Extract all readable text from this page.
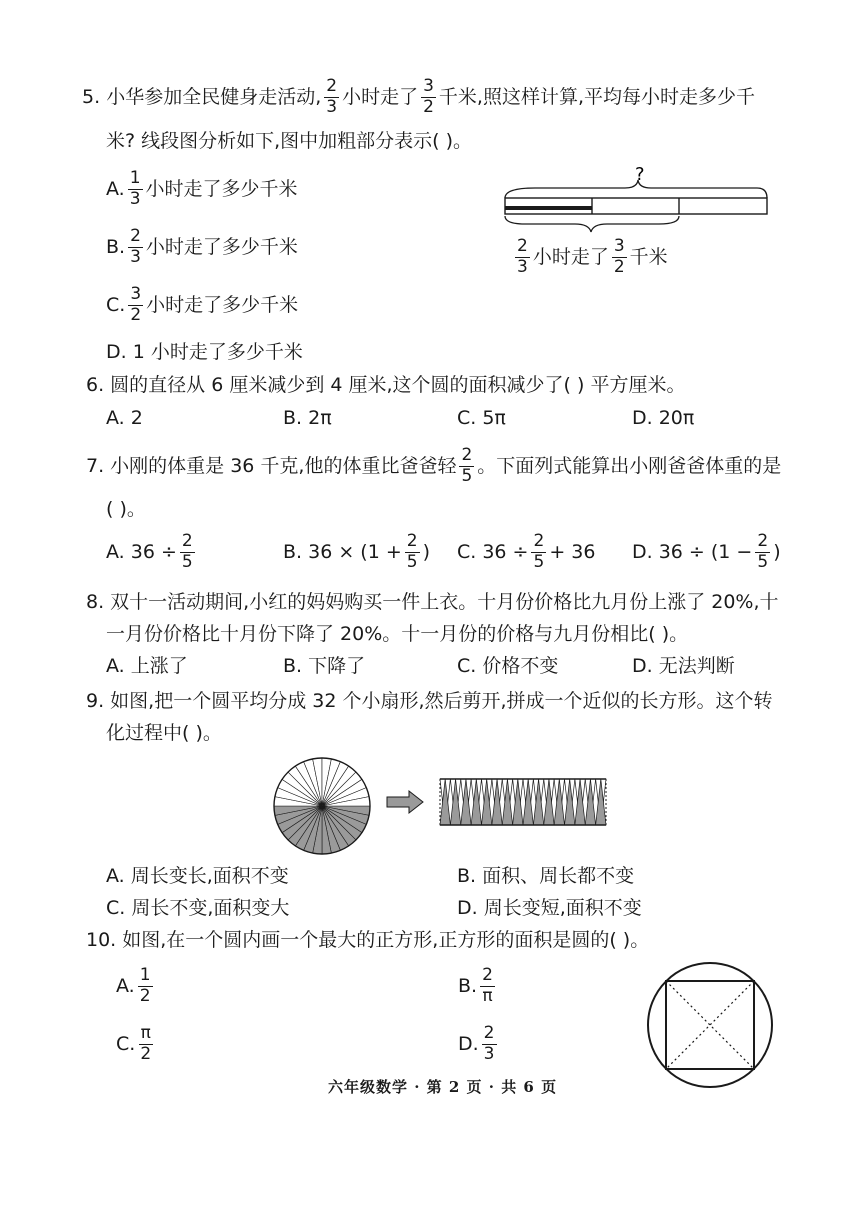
5. 小华参加全民健身走活动, $\frac{2}{3}$ 小时走了 $\frac{3}{2}$ 千米,照这样计算,平均每小时走多少千
米? 线段图分析如下,图中加粗部分表示( )。
A. $\frac{1}{3}$ 小时走了多少千米
B. $\frac{2}{3}$ 小时走了多少千米
C. $\frac{3}{2}$ 小时走了多少千米
D. 1 小时走了多少千米
?
$\frac{2}{3}$ 小时走了 $\frac{3}{2}$ 千米
6. 圆的直径从 6 厘米减少到 4 厘米,这个圆的面积减少了( ) 平方厘米。
A. 2	B. 2π	C. 5π	D. 20π
7. 小刚的体重是 36 千克,他的体重比爸爸轻 $\frac{2}{5}$ 。下面列式能算出小刚爸爸体重的是
( )。
A. $36 \div \frac{2}{5}$	B. $36 \times (1 + \frac{2}{5}$ ) C. $36 \div \frac{2}{5} + 36$ D. $36 \div (1 - \frac{2}{5}$ )
8. 双十一活动期间,小红的妈妈购买一件上衣。十月份价格比九月份上涨了 20%,十
一月份价格比十月份下降了 20%。十一月份的价格与九月份相比( )。
A. 上涨了	B. 下降了	C. 价格不变	D. 无法判断
9. 如图,把一个圆平均分成 32 个小扇形,然后剪开,拼成一个近似的长方形。这个转
化过程中( )。
A. 周长变长,面积不变	B. 面积、周长都不变
C. 周长不变,面积变大	D. 周长变短,面积不变
10. 如图,在一个圆内画一个最大的正方形,正方形的面积是圆的( )。
A. $\frac{1}{2}$	B. $\frac{2}{\pi}$
C. $\frac{\pi}{2}$	D. $\frac{2}{3}$
六年级数学 · 第 2 页 · 共 6 页
